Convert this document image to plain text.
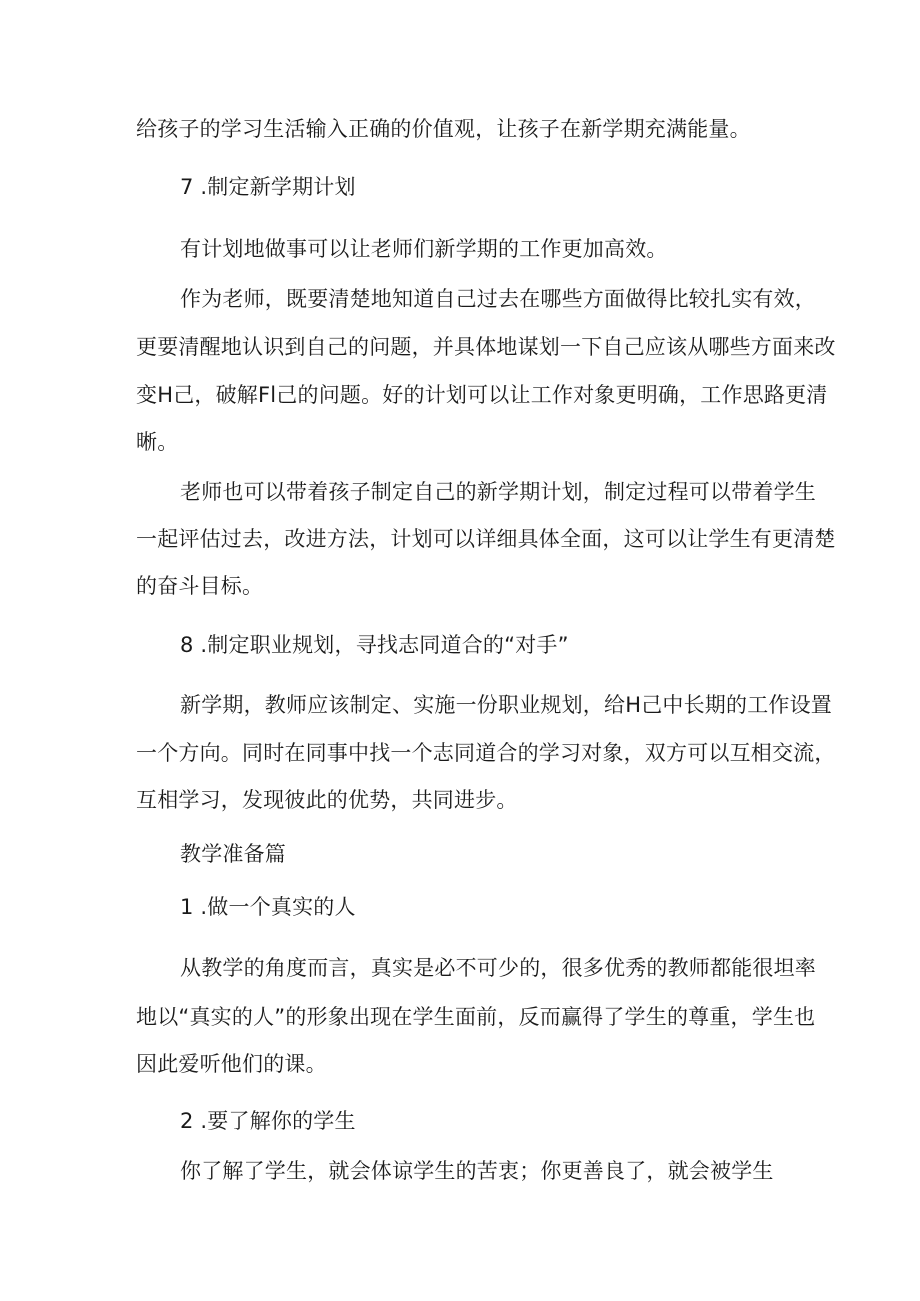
给孩子的学习生活输入正确的价值观，让孩子在新学期充满能量。
7 .制定新学期计划
有计划地做事可以让老师们新学期的工作更加高效。
作为老师，既要清楚地知道自己过去在哪些方面做得比较扎实有效，
更要清醒地认识到自己的问题，并具体地谋划一下自己应该从哪些方面来改
变H己，破解Fl己的问题。好的计划可以让工作对象更明确，工作思路更清
晰。
老师也可以带着孩子制定自己的新学期计划，制定过程可以带着学生
一起评估过去，改进方法，计划可以详细具体全面，这可以让学生有更清楚
的奋斗目标。
8 .制定职业规划，寻找志同道合的“对手”
新学期，教师应该制定、实施一份职业规划，给H己中长期的工作设置
一个方向。同时在同事中找一个志同道合的学习对象，双方可以互相交流，
互相学习，发现彼此的优势，共同进步。
教学准备篇
1 .做一个真实的人
从教学的角度而言，真实是必不可少的，很多优秀的教师都能很坦率
地以“真实的人”的形象出现在学生面前，反而赢得了学生的尊重，学生也
因此爱听他们的课。
2 .要了解你的学生
你了解了学生，就会体谅学生的苦衷；你更善良了，就会被学生
